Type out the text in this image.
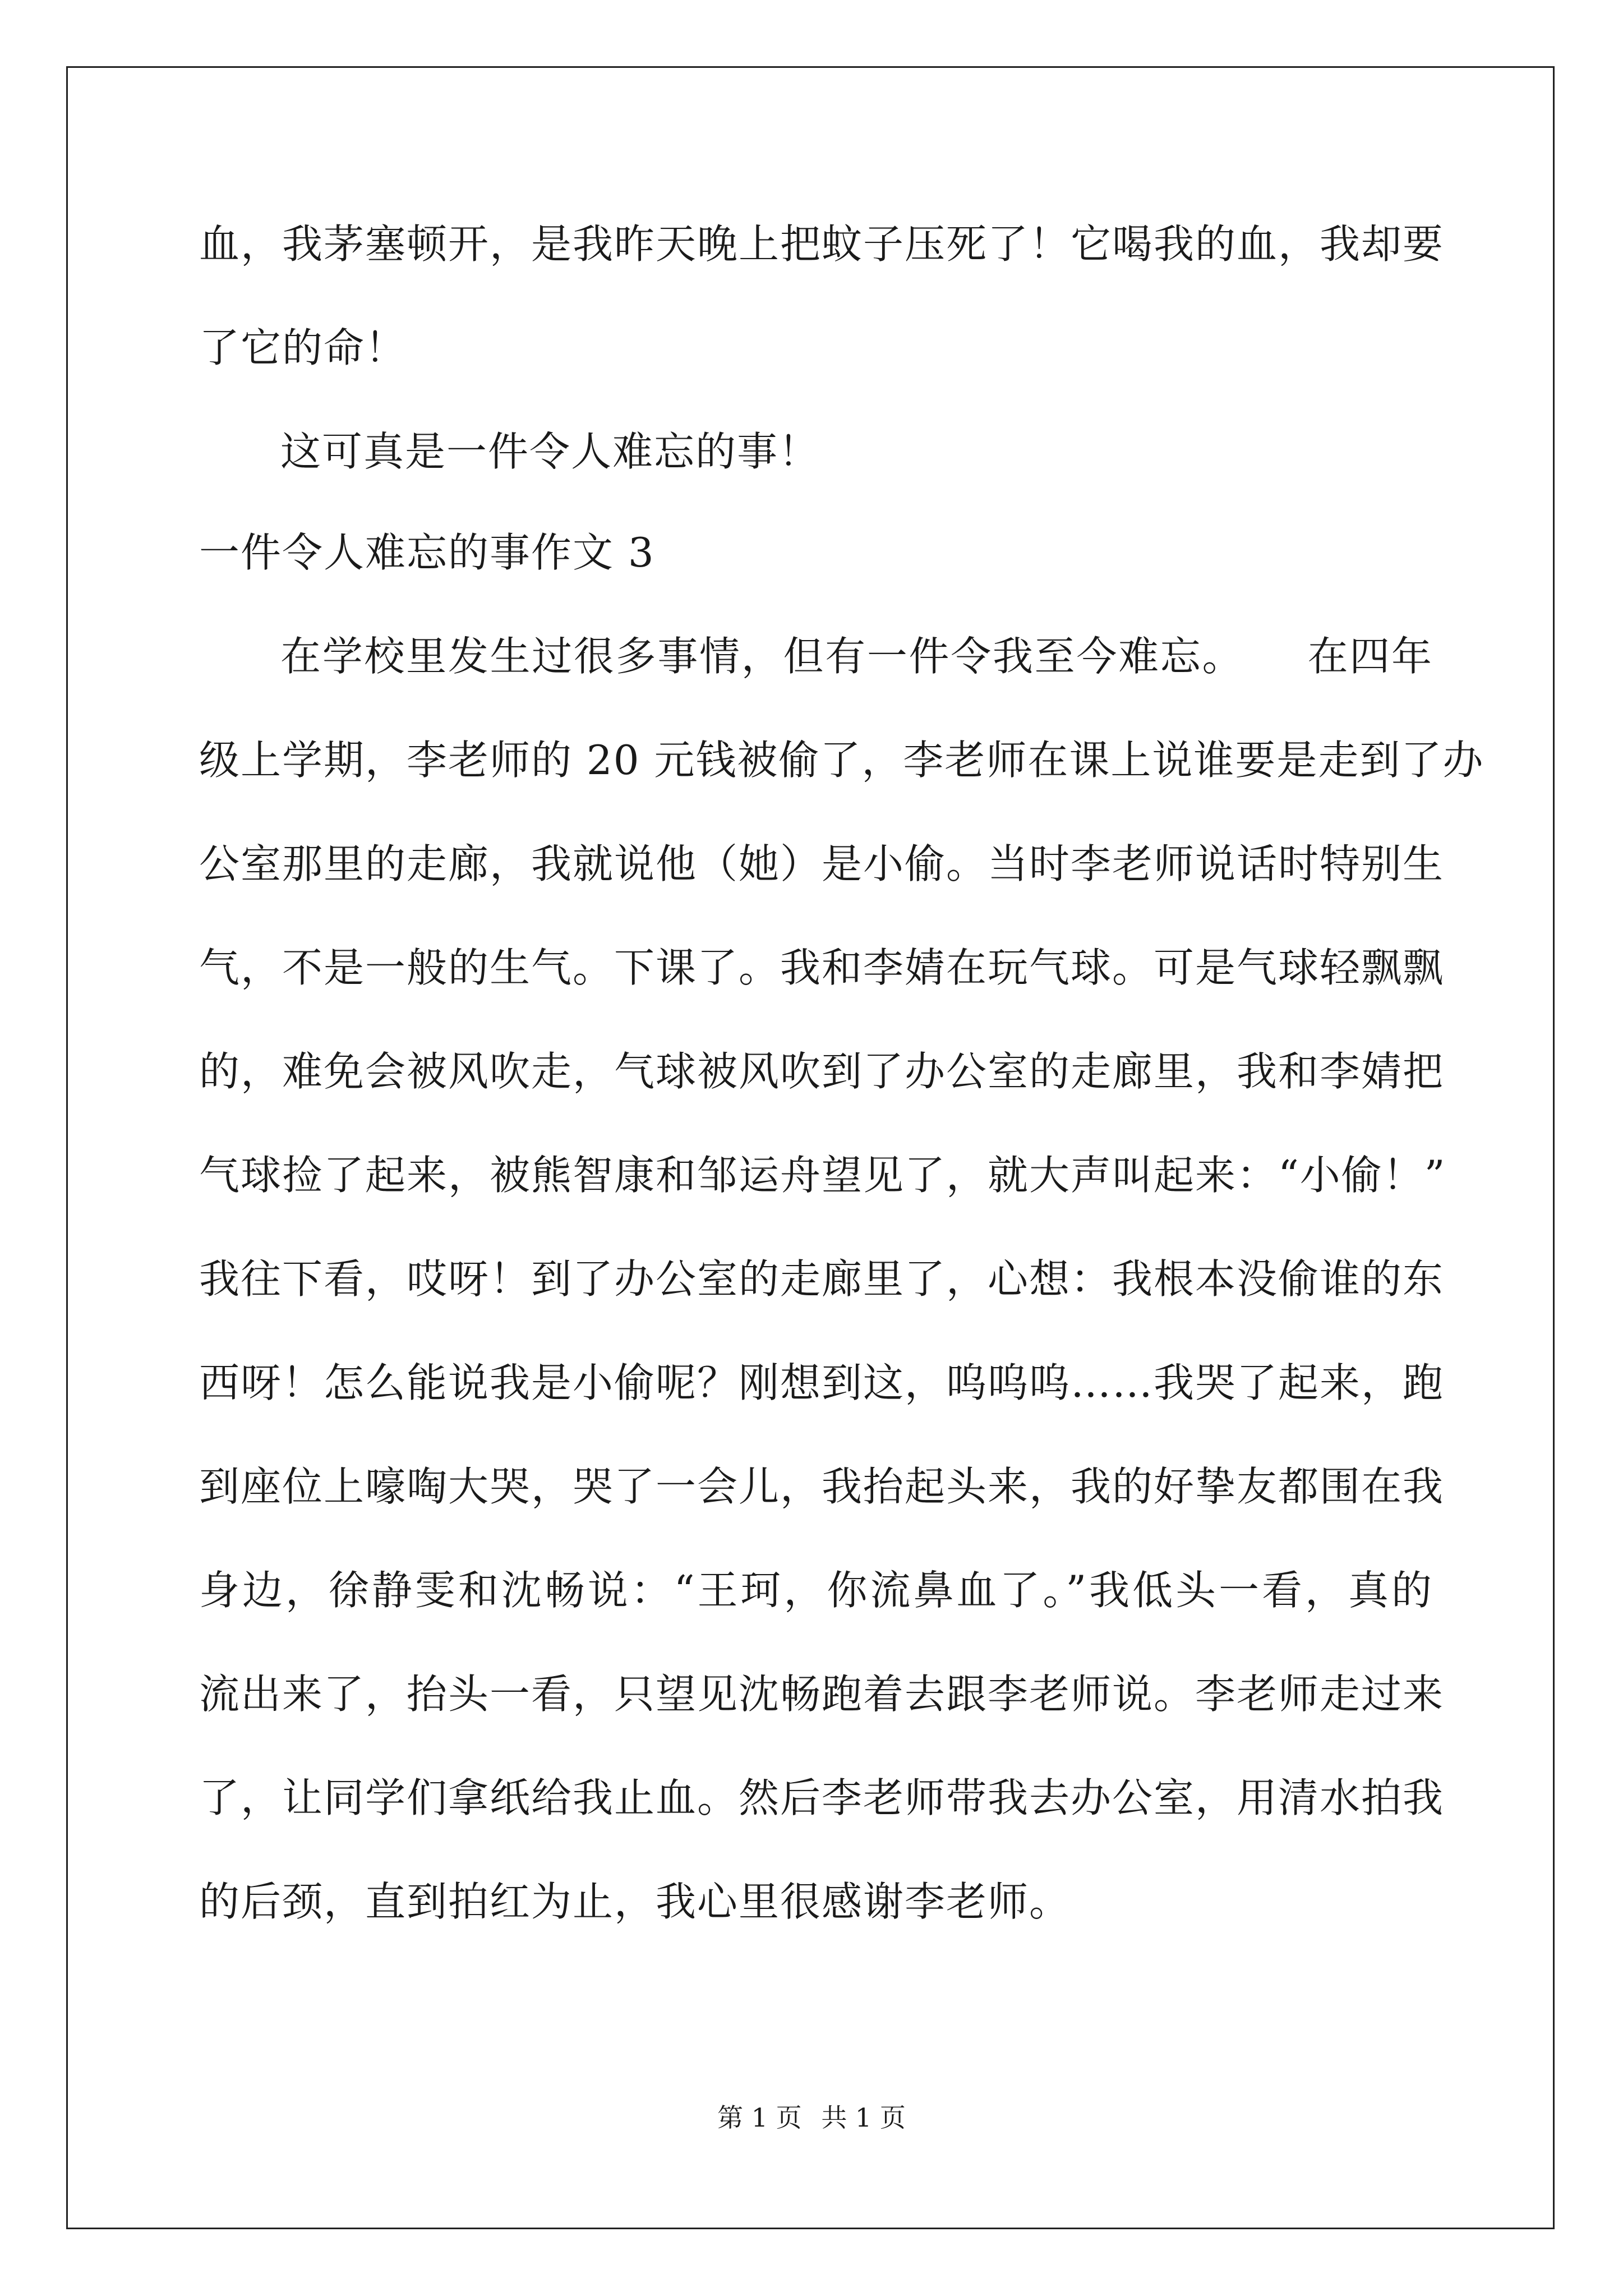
血，我茅塞顿开，是我昨天晚上把蚊子压死了！它喝我的血，我却要
了它的命！
这可真是一件令人难忘的事！
一件令人难忘的事作文 3
在学校里发生过很多事情，但有一件令我至今难忘。　　在四年
级上学期，李老师的 20 元钱被偷了，李老师在课上说谁要是走到了办
公室那里的走廊，我就说他（她）是小偷。当时李老师说话时特别生
气，不是一般的生气。下课了。我和李婧在玩气球。可是气球轻飘飘
的，难免会被风吹走，气球被风吹到了办公室的走廊里，我和李婧把
气球捡了起来，被熊智康和邹运舟望见了，就大声叫起来：“小偷！”
我往下看，哎呀！到了办公室的走廊里了，心想：我根本没偷谁的东
西呀！怎么能说我是小偷呢？刚想到这，呜呜呜……我哭了起来，跑
到座位上嚎啕大哭，哭了一会儿，我抬起头来，我的好挚友都围在我
身边，徐静雯和沈畅说：“王珂，你流鼻血了。”我低头一看，真的
流出来了，抬头一看，只望见沈畅跑着去跟李老师说。李老师走过来
了，让同学们拿纸给我止血。然后李老师带我去办公室，用清水拍我
的后颈，直到拍红为止，我心里很感谢李老师。
第 1 页 共 1 页
